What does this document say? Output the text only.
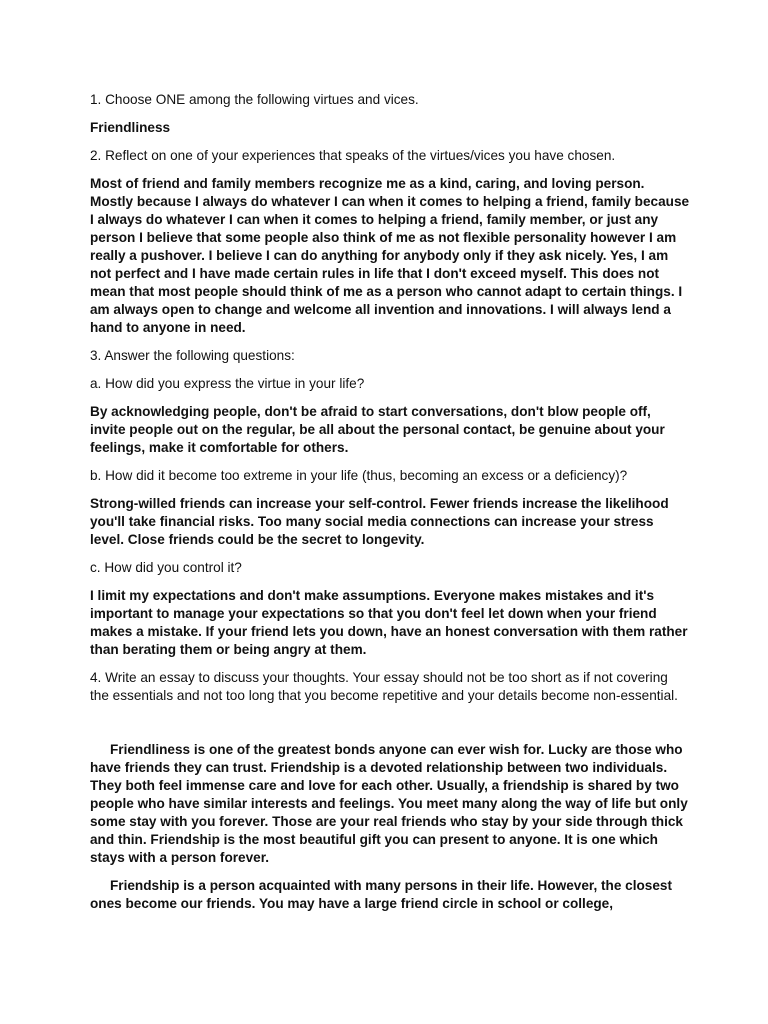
1. Choose ONE among the following virtues and vices.

Friendliness

2. Reflect on one of your experiences that speaks of the virtues/vices you have chosen.

Most of friend and family members recognize me as a kind, caring, and loving person. Mostly because I always do whatever I can when it comes to helping a friend, family because I always do whatever I can when it comes to helping a friend, family member, or just any person I believe that some people also think of me as not flexible personality however I am really a pushover. I believe I can do anything for anybody only if they ask nicely. Yes, I am not perfect and I have made certain rules in life that I don't exceed myself. This does not mean that most people should think of me as a person who cannot adapt to certain things. I am always open to change and welcome all invention and innovations. I will always lend a hand to anyone in need.

3. Answer the following questions:

a. How did you express the virtue in your life?

By acknowledging people, don't be afraid to start conversations, don't blow people off, invite people out on the regular, be all about the personal contact, be genuine about your feelings, make it comfortable for others.

b. How did it become too extreme in your life (thus, becoming an excess or a deficiency)?

Strong-willed friends can increase your self-control. Fewer friends increase the likelihood you'll take financial risks. Too many social media connections can increase your stress level. Close friends could be the secret to longevity.

c. How did you control it?

I limit my expectations and don't make assumptions. Everyone makes mistakes and it's important to manage your expectations so that you don't feel let down when your friend makes a mistake. If your friend lets you down, have an honest conversation with them rather than berating them or being angry at them.

4. Write an essay to discuss your thoughts. Your essay should not be too short as if not covering the essentials and not too long that you become repetitive and your details become non-essential.

Friendliness is one of the greatest bonds anyone can ever wish for. Lucky are those who have friends they can trust. Friendship is a devoted relationship between two individuals. They both feel immense care and love for each other. Usually, a friendship is shared by two people who have similar interests and feelings. You meet many along the way of life but only some stay with you forever. Those are your real friends who stay by your side through thick and thin. Friendship is the most beautiful gift you can present to anyone. It is one which stays with a person forever.

Friendship is a person acquainted with many persons in their life. However, the closest ones become our friends. You may have a large friend circle in school or college,
